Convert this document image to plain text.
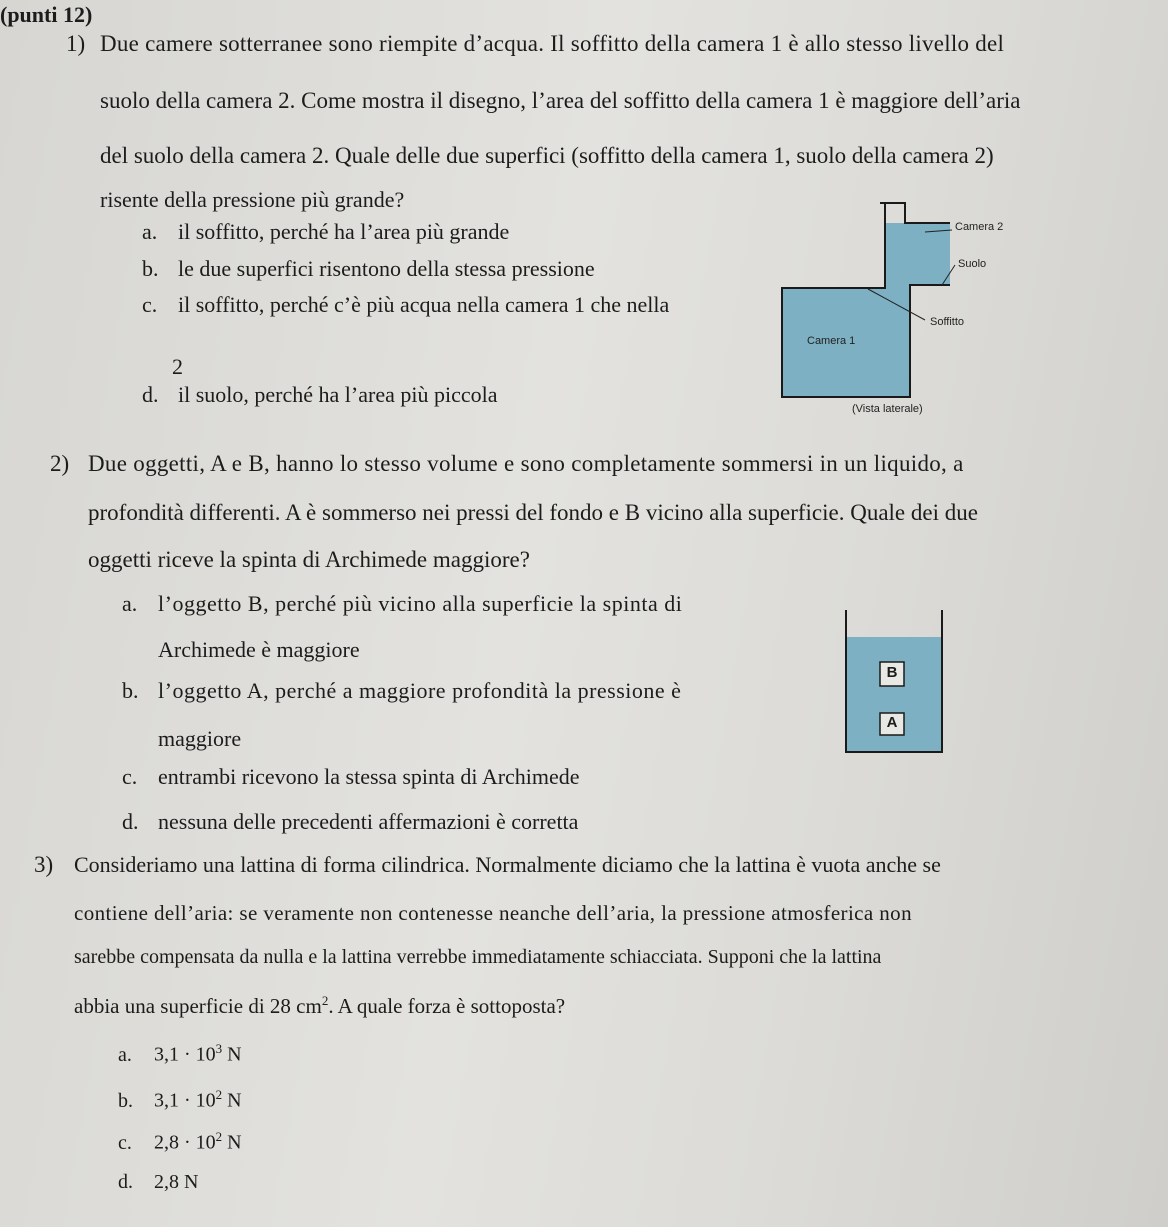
(punti 12)
1) Due camere sotterranee sono riempite d’acqua. Il soffitto della camera 1 è allo stesso livello del
suolo della camera 2. Come mostra il disegno, l’area del soffitto della camera 1 è maggiore dell’aria
del suolo della camera 2. Quale delle due superfici (soffitto della camera 1, suolo della camera 2)
risente della pressione più grande?
a. il soffitto, perché ha l’area più grande
b. le due superfici risentono della stessa pressione
c. il soffitto, perché c’è più acqua nella camera 1 che nella
2
d. il suolo, perché ha l’area più piccola
Camera 2
Suolo
Soffitto
Camera 1
(Vista laterale)
2) Due oggetti, A e B, hanno lo stesso volume e sono completamente sommersi in un liquido, a
profondità differenti. A è sommerso nei pressi del fondo e B vicino alla superficie. Quale dei due
oggetti riceve la spinta di Archimede maggiore?
a. l’oggetto B, perché più vicino alla superficie la spinta di
Archimede è maggiore
b. l’oggetto A, perché a maggiore profondità la pressione è
maggiore
c. entrambi ricevono la stessa spinta di Archimede
d. nessuna delle precedenti affermazioni è corretta
B
A
3) Consideriamo una lattina di forma cilindrica. Normalmente diciamo che la lattina è vuota anche se
contiene dell’aria: se veramente non contenesse neanche dell’aria, la pressione atmosferica non
sarebbe compensata da nulla e la lattina verrebbe immediatamente schiacciata. Supponi che la lattina
abbia una superficie di 28 $cm^2$. A quale forza è sottoposta?
a. $3,1 \cdot 10^3$ N
b. $3,1 \cdot 10^2$ N
c. $2,8 \cdot 10^2$ N
d. 2,8 N
